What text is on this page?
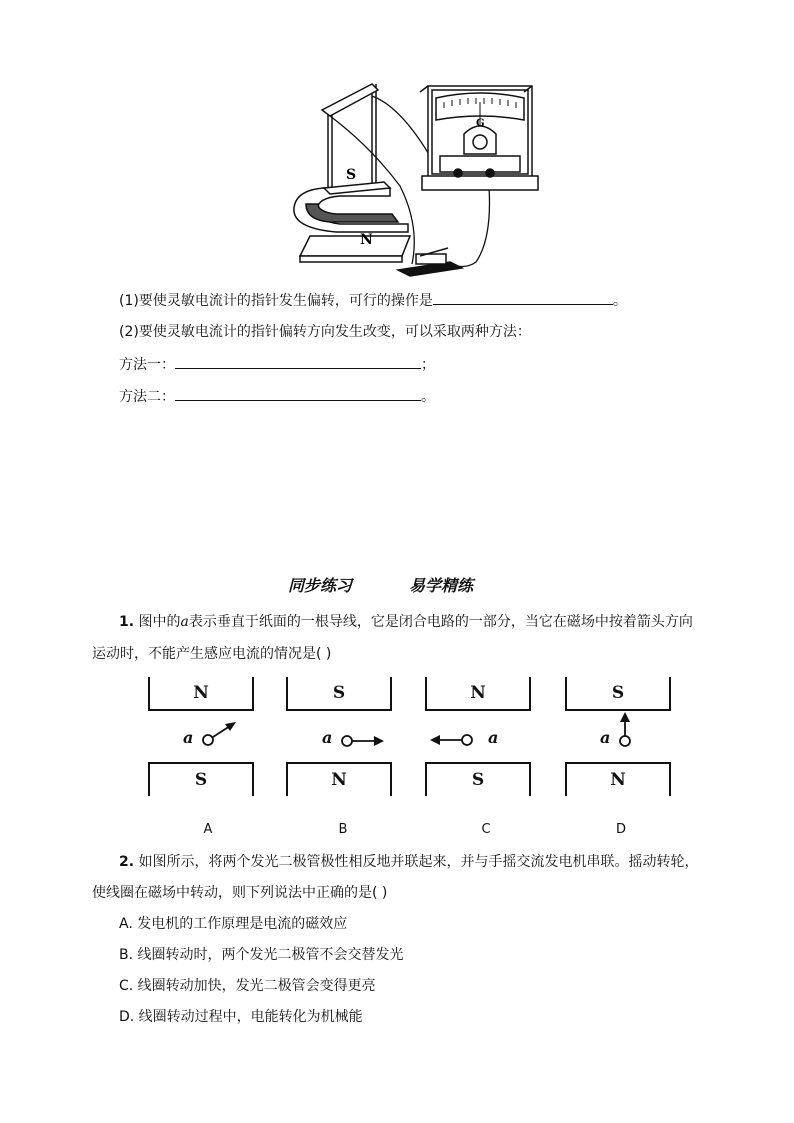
S
N
G
(1)要使灵敏电流计的指针发生偏转，可行的操作是	。
(2)要使灵敏电流计的指针偏转方向发生改变，可以采取两种方法：
方法一：	；
方法二：	。
同步练习	易学精练
1. 图中的a表示垂直于纸面的一根导线，它是闭合电路的一部分，当它在磁场中按着箭头方向
运动时，不能产生感应电流的情况是( )
N
S
a
A
S
N
a
B
N
S
a
C
S
N
a
D
2. 如图所示，将两个发光二极管极性相反地并联起来，并与手摇交流发电机串联。摇动转轮，
使线圈在磁场中转动，则下列说法中正确的是( )
A. 发电机的工作原理是电流的磁效应
B. 线圈转动时，两个发光二极管不会交替发光
C. 线圈转动加快，发光二极管会变得更亮
D. 线圈转动过程中，电能转化为机械能
